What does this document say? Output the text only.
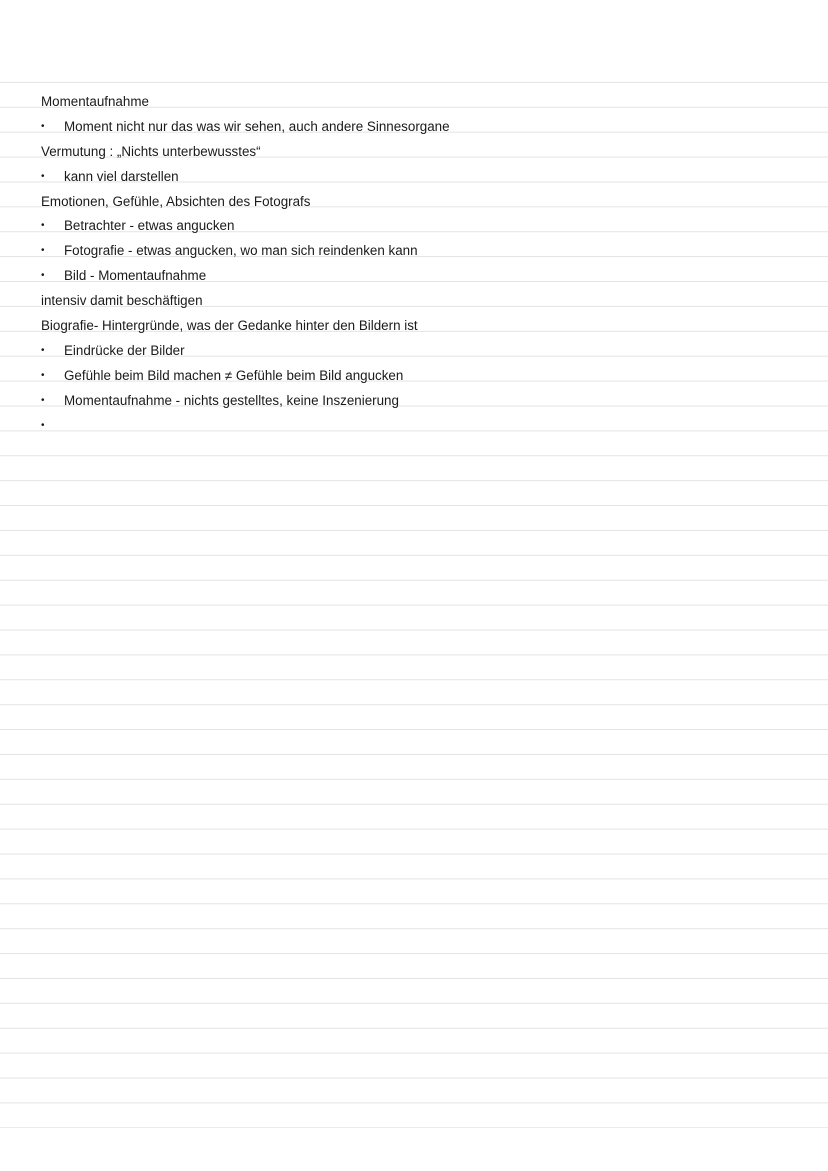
Momentaufnahme
•	Moment nicht nur das was wir sehen, auch andere Sinnesorgane
Vermutung : „Nichts unterbewusstes“
•	kann viel darstellen
Emotionen, Gefühle, Absichten des Fotografs
•	Betrachter - etwas angucken
•	Fotografie - etwas angucken, wo man sich reindenken kann
•	Bild - Momentaufnahme
intensiv damit beschäftigen
Biografie- Hintergründe, was der Gedanke hinter den Bildern ist
•	Eindrücke der Bilder
•	Gefühle beim Bild machen ≠ Gefühle beim Bild angucken
•	Momentaufnahme - nichts gestelltes, keine Inszenierung
•
